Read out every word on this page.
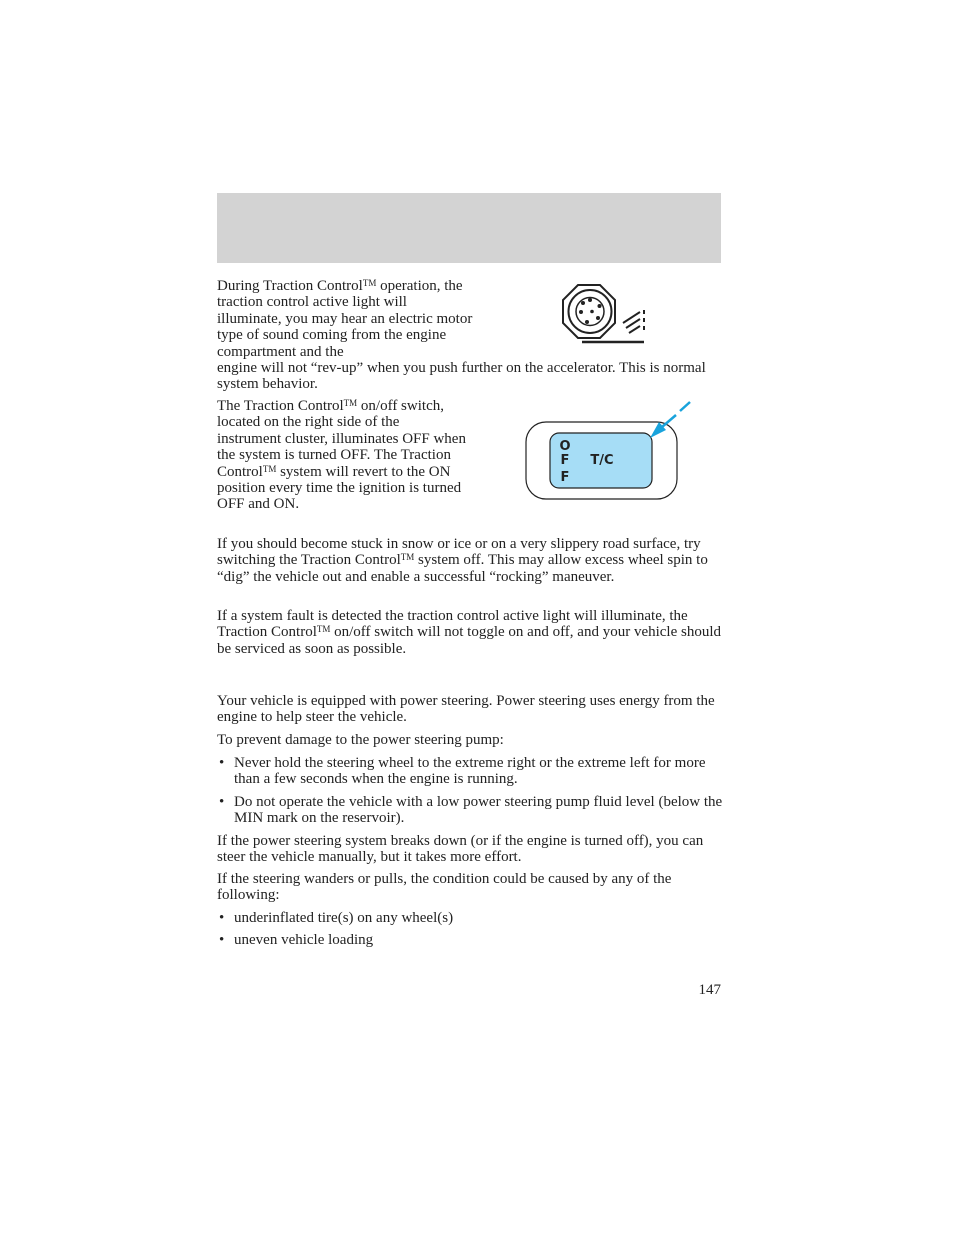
During Traction Control™ operation, the traction control active light will illuminate, you may hear an electric motor type of sound coming from the engine compartment and the

engine will not “rev-up” when you push further on the accelerator. This is normal system behavior.

The Traction Control™ on/off switch, located on the right side of the instrument cluster, illuminates OFF when the system is turned OFF. The Traction Control™ system will revert to the ON position every time the ignition is turned OFF and ON.

O
F
F
T/C

If you should become stuck in snow or ice or on a very slippery road surface, try switching the Traction Control™ system off. This may allow excess wheel spin to “dig” the vehicle out and enable a successful “rocking” maneuver.

If a system fault is detected the traction control active light will illuminate, the Traction Control™ on/off switch will not toggle on and off, and your vehicle should be serviced as soon as possible.

Your vehicle is equipped with power steering. Power steering uses energy from the engine to help steer the vehicle.

To prevent damage to the power steering pump:

• Never hold the steering wheel to the extreme right or the extreme left for more than a few seconds when the engine is running.
• Do not operate the vehicle with a low power steering pump fluid level (below the MIN mark on the reservoir).

If the power steering system breaks down (or if the engine is turned off), you can steer the vehicle manually, but it takes more effort.

If the steering wanders or pulls, the condition could be caused by any of the following:

• underinflated tire(s) on any wheel(s)
• uneven vehicle loading
147
